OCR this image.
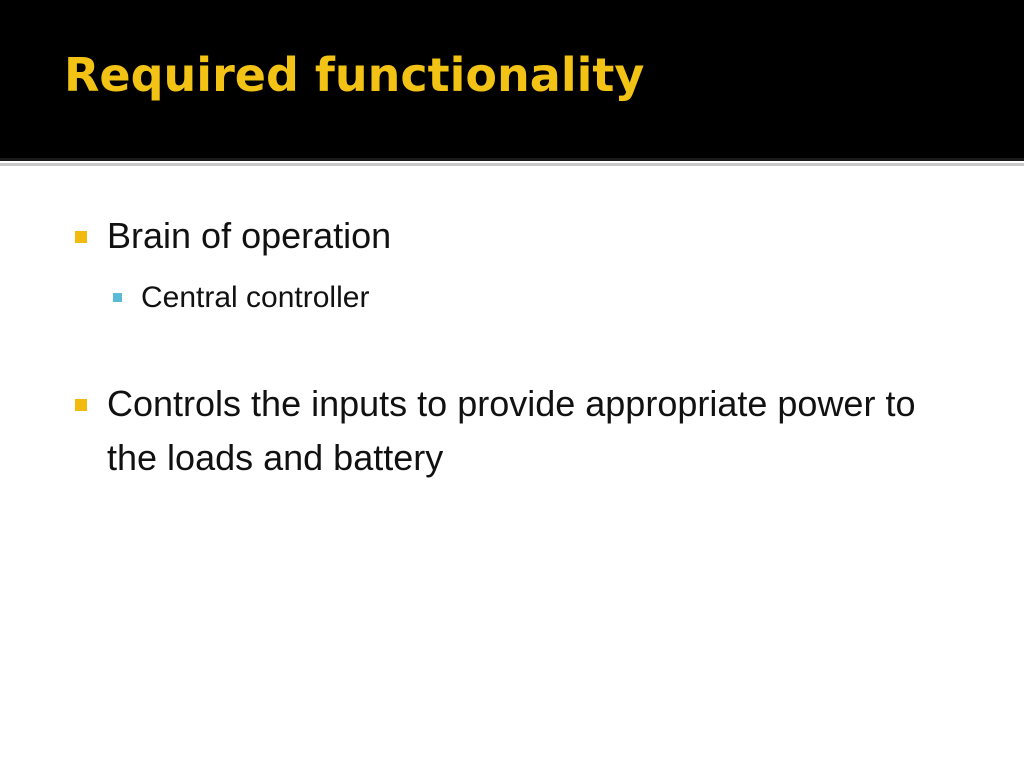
Required functionality
Brain of operation
Central controller
Controls the inputs to provide appropriate power to the loads and battery
